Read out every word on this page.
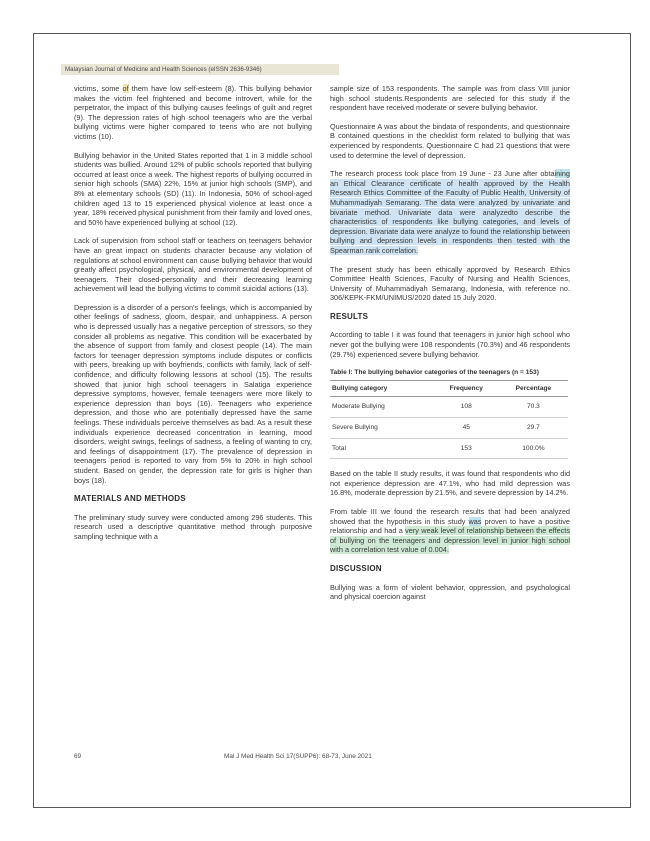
Malaysian Journal of Medicine and Health Sciences (eISSN 2636-9346)

victims, some of them have low self-esteem (8). This bullying behavior makes the victim feel frightened and become introvert, while for the perpetrator, the impact of this bullying causes feelings of guilt and regret (9). The depression rates of high school teenagers who are the verbal bullying victims were higher compared to teens who are not bullying victims (10).

Bullying behavior in the United States reported that 1 in 3 middle school students was bullied. Around 12% of public schools reported that bullying occurred at least once a week. The highest reports of bullying occurred in senior high schools (SMA) 22%, 15% at junior high schools (SMP), and 8% at elementary schools (SD) (11). In Indonesia, 50% of school-aged children aged 13 to 15 experienced physical violence at least once a year, 18% received physical punishment from their family and loved ones, and 50% have experienced bullying at school (12).

Lack of supervision from school staff or teachers on teenagers behavior have an great impact on students character because any violation of regulations at school environment can cause bullying behavior that would greatly affect psychological, physical, and environmental development of teenagers. Their closed-personality and their decreasing learning achievement will lead the bullying victims to commit suicidal actions (13).

Depression is a disorder of a person's feelings, which is accompanied by other feelings of sadness, gloom, despair, and unhappiness. A person who is depressed usually has a negative perception of stressors, so they consider all problems as negative. This condition will be exacerbated by the absence of support from family and closest people (14). The main factors for teenager depression symptoms include disputes or conflicts with peers, breaking up with boyfriends, conflicts with family, lack of self-confidence, and difficulty following lessons at school (15). The results showed that junior high school teenagers in Salatiga experience depressive symptoms, however, female teenagers were more likely to experience depression than boys (16). Teenagers who experience depression, and those who are potentially depressed have the same feelings. These individuals perceive themselves as bad. As a result these individuals experience decreased concentration in learning, mood disorders, weight swings, feelings of sadness, a feeling of wanting to cry, and feelings of disappointment (17). The prevalence of depression in teenagers period is reported to vary from 5% to 20% in high school student. Based on gender, the depression rate for girls is higher than boys (18).

MATERIALS AND METHODS

The preliminary study survey were conducted among 296 students. This research used a descriptive quantitative method through purposive sampling technique with a

sample size of 153 respondents. The sample was from class VIII junior high school students.Respondents are selected for this study if the respondent have received moderate or severe bullying behavior.

Questionnaire A was about the bindata of respondents, and questionnaire B contained questions in the checklist form related to bullying that was experienced by respondents. Questionnaire C had 21 questions that were used to determine the level of depression.

The research process took place from 19 June - 23 June after obtaining an Ethical Clearance certificate of health approved by the Health Research Ethics Committee of the Faculty of Public Health, University of Muhammadiyah Semarang. The data were analyzed by univariate and bivariate method. Univariate data were analyzedto describe the characteristics of respondents like bullying categories, and levels of depression. Bivariate data were analyze to found the relationship between bullying and depression levels in respondents then tested with the Spearman rank correlation.

The present study has been ethically approved by Research Ethics Committee Health Sciences, Faculty of Nursing and Health Sciences, University of Muhammadiyah Semarang, Indonesia, with reference no. 306/KEPK-FKM/UNIMUS/2020 dated 15 July 2020.

RESULTS

According to table I it was found that teenagers in junior high school who never got the bullying were 108 respondents (70.3%) and 46 respondents (29.7%) experienced severe bullying behavior.

Table I: The bullying behavior categories of the teenagers (n = 153)
Bullying category	Frequency	Percentage
Moderate Bullying	108	70.3
Severe Bullying	45	29.7
Total	153	100.0%

Based on the table II study results, it was found that respondents who did not experience depression are 47.1%, who had mild depression was 16.8%, moderate depression by 21.5%, and severe depression by 14.2%.

From table III we found the research results that had been analyzed showed that the hypothesis in this study was proven to have a positive relationship and had a very weak level of relationship between the effects of bullying on the teenagers and depression level in junior high school with a correlation test value of 0.004.

DISCUSSION

Bullying was a form of violent behavior, oppression, and psychological and physical coercion against

69	Mal J Med Health Sci 17(SUPP6): 68-73, June 2021
